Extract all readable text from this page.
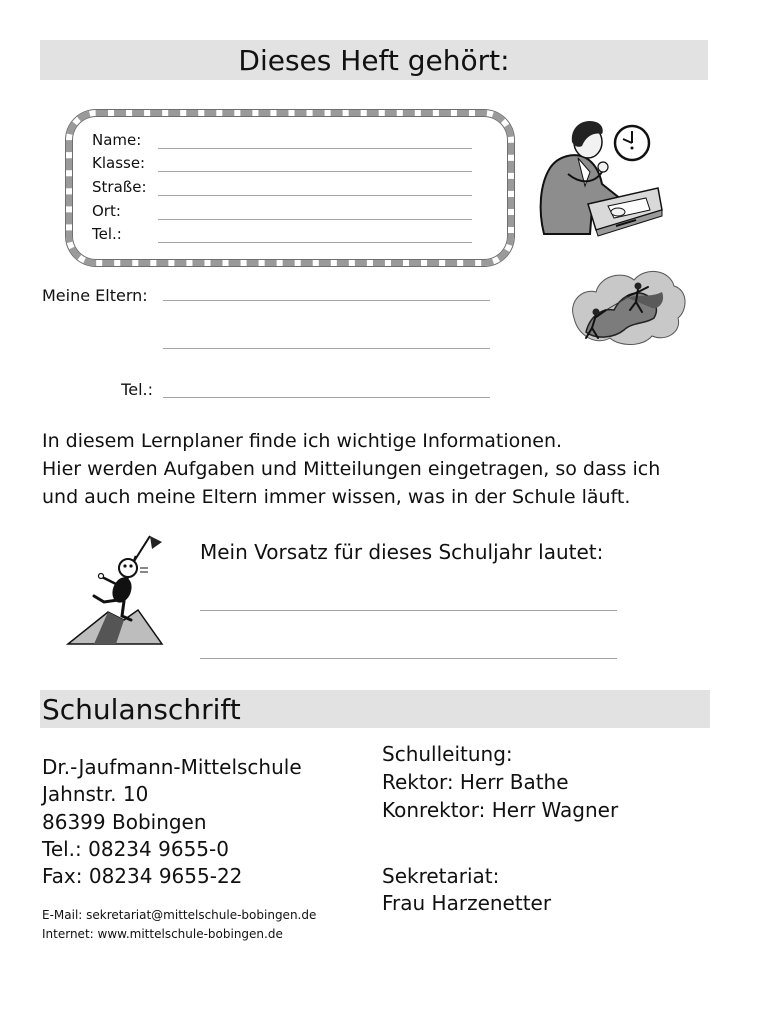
Dieses Heft gehört:
Name:
Klasse:
Straße:
Ort:
Tel.:
Meine Eltern:
Tel.:
In diesem Lernplaner finde ich wichtige Informationen.
Hier werden Aufgaben und Mitteilungen eingetragen, so dass ich
und auch meine Eltern immer wissen, was in der Schule läuft.
Mein Vorsatz für dieses Schuljahr lautet:
Schulanschrift
Dr.-Jaufmann-Mittelschule
Jahnstr. 10
86399 Bobingen
Tel.: 08234 9655-0
Fax: 08234 9655-22
E-Mail: sekretariat@mittelschule-bobingen.de
Internet: www.mittelschule-bobingen.de
Schulleitung:
Rektor: Herr Bathe
Konrektor: Herr Wagner
Sekretariat:
Frau Harzenetter
